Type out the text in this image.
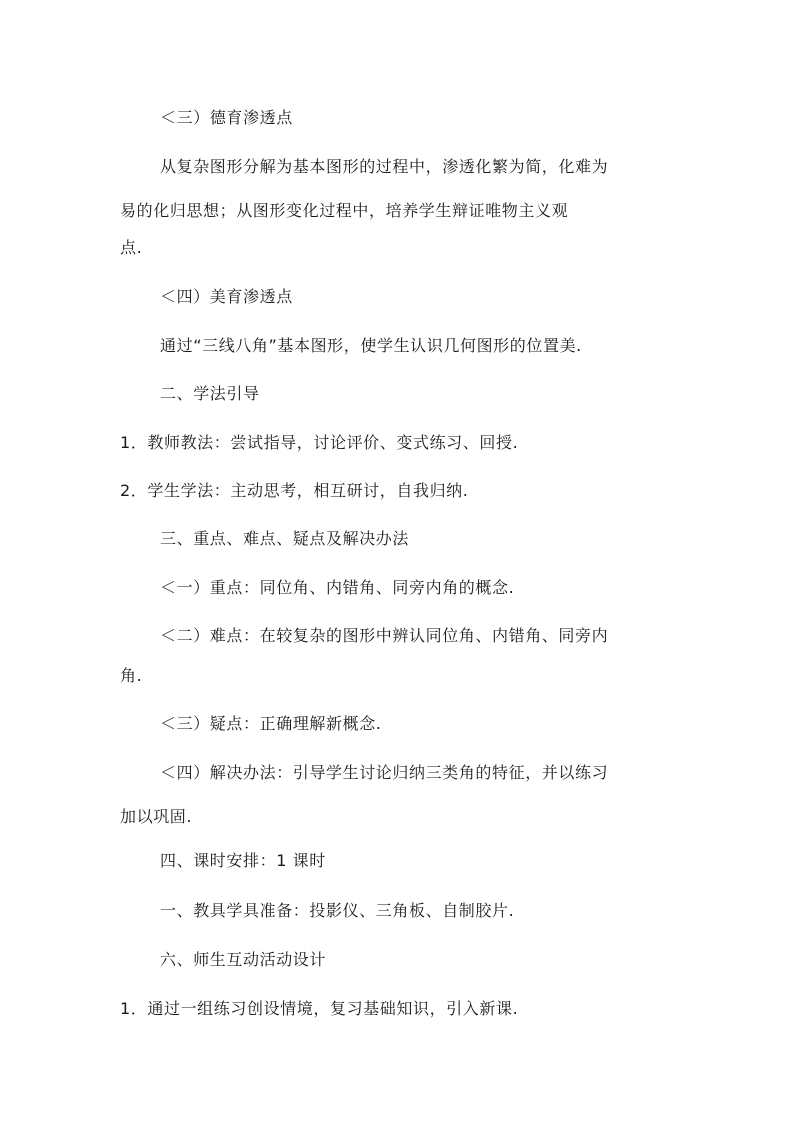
＜三）德育渗透点
从复杂图形分解为基本图形的过程中，渗透化繁为简，化难为
易的化归思想；从图形变化过程中，培养学生辩证唯物主义观
点.
＜四）美育渗透点
通过“三线八角”基本图形，使学生认识几何图形的位置美.
二、学法引导
1．教师教法：尝试指导，讨论评价、变式练习、回授.
2．学生学法：主动思考，相互研讨，自我归纳.
三、重点、难点、疑点及解决办法
＜一）重点：同位角、内错角、同旁内角的概念.
＜二）难点：在较复杂的图形中辨认同位角、内错角、同旁内
角.
＜三）疑点：正确理解新概念.
＜四）解决办法：引导学生讨论归纳三类角的特征，并以练习
加以巩固.
四、课时安排：1 课时
一、教具学具准备：投影仪、三角板、自制胶片.
六、师生互动活动设计
1．通过一组练习创设情境，复习基础知识，引入新课.
